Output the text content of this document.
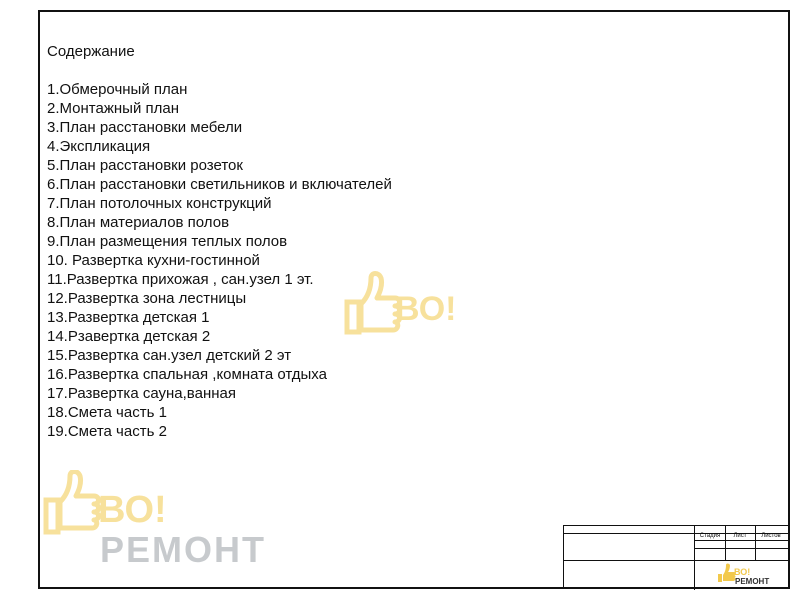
Содержание
1.Обмерочный план
2.Монтажный план
3.План расстановки мебели
4.Экспликация
5.План расстановки розеток
6.План расстановки светильников и включателей
7.План потолочных конструкций
8.План материалов полов
9.План размещения теплых полов
10. Развертка кухни-гостинной
11.Развертка прихожая , сан.узел 1 эт.
12.Развертка зона лестницы
13.Развертка детская 1
14.Рзавертка детская 2
15.Развертка сан.узел детский 2 эт
16.Развертка спальная ,комната отдыха
17.Развертка сауна,ванная
18.Смета часть 1
19.Смета часть 2
ВО!
ВО!
РЕМОНТ	Стадия	Лист	Листов
ВО!
РЕМОНТ
